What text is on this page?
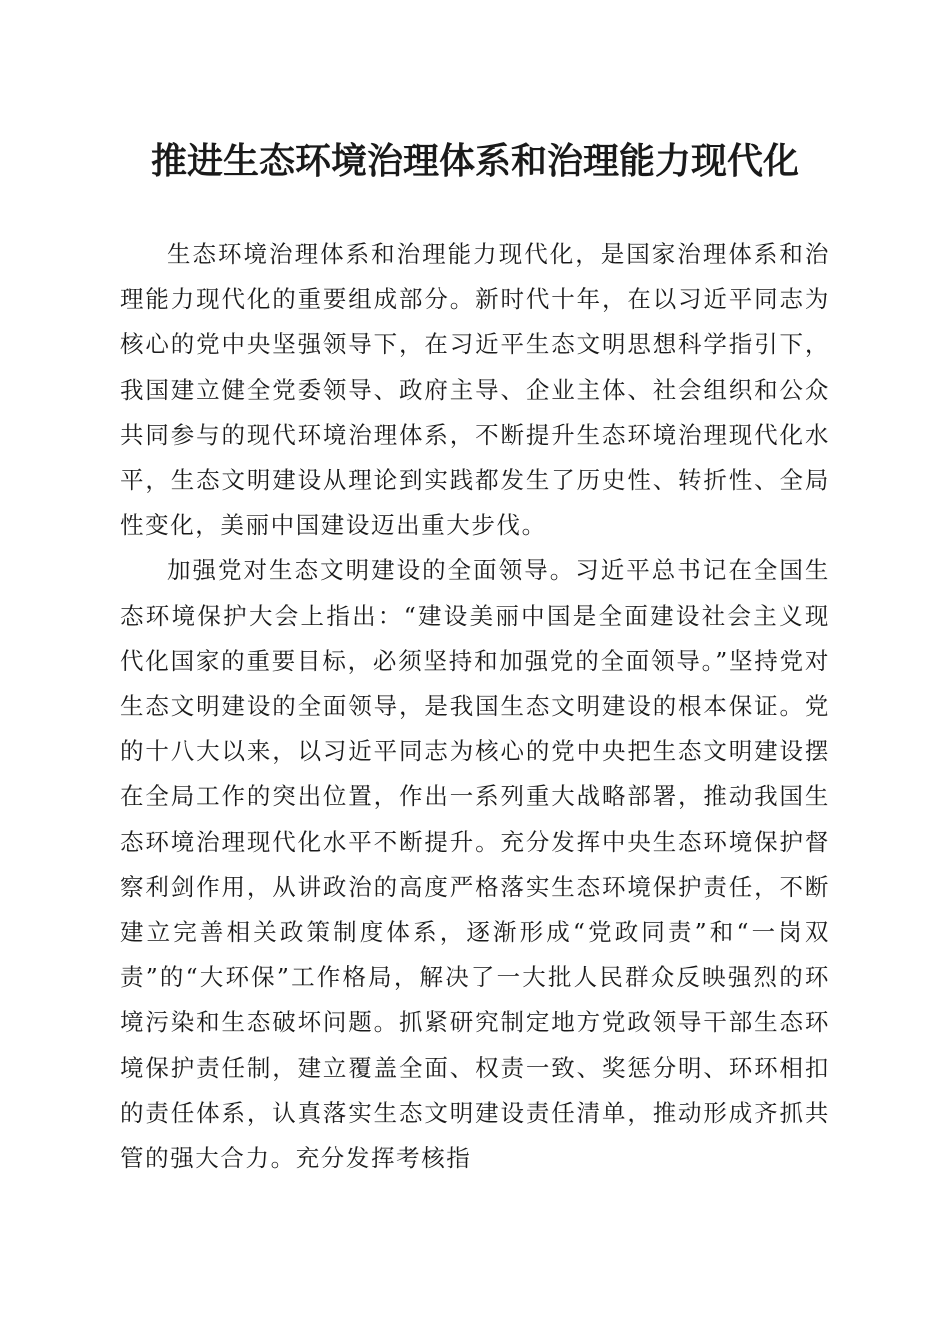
推进生态环境治理体系和治理能力现代化

生态环境治理体系和治理能力现代化，是国家治理体系和治理能力现代化的重要组成部分。新时代十年，在以习近平同志为核心的党中央坚强领导下，在习近平生态文明思想科学指引下，我国建立健全党委领导、政府主导、企业主体、社会组织和公众共同参与的现代环境治理体系，不断提升生态环境治理现代化水平，生态文明建设从理论到实践都发生了历史性、转折性、全局性变化，美丽中国建设迈出重大步伐。

加强党对生态文明建设的全面领导。习近平总书记在全国生态环境保护大会上指出：“建设美丽中国是全面建设社会主义现代化国家的重要目标，必须坚持和加强党的全面领导。”坚持党对生态文明建设的全面领导，是我国生态文明建设的根本保证。党的十八大以来，以习近平同志为核心的党中央把生态文明建设摆在全局工作的突出位置，作出一系列重大战略部署，推动我国生态环境治理现代化水平不断提升。充分发挥中央生态环境保护督察利剑作用，从讲政治的高度严格落实生态环境保护责任，不断建立完善相关政策制度体系，逐渐形成“党政同责”和“一岗双责”的“大环保”工作格局，解决了一大批人民群众反映强烈的环境污染和生态破坏问题。抓紧研究制定地方党政领导干部生态环境保护责任制，建立覆盖全面、权责一致、奖惩分明、环环相扣的责任体系，认真落实生态文明建设责任清单，推动形成齐抓共管的强大合力。充分发挥考核指
